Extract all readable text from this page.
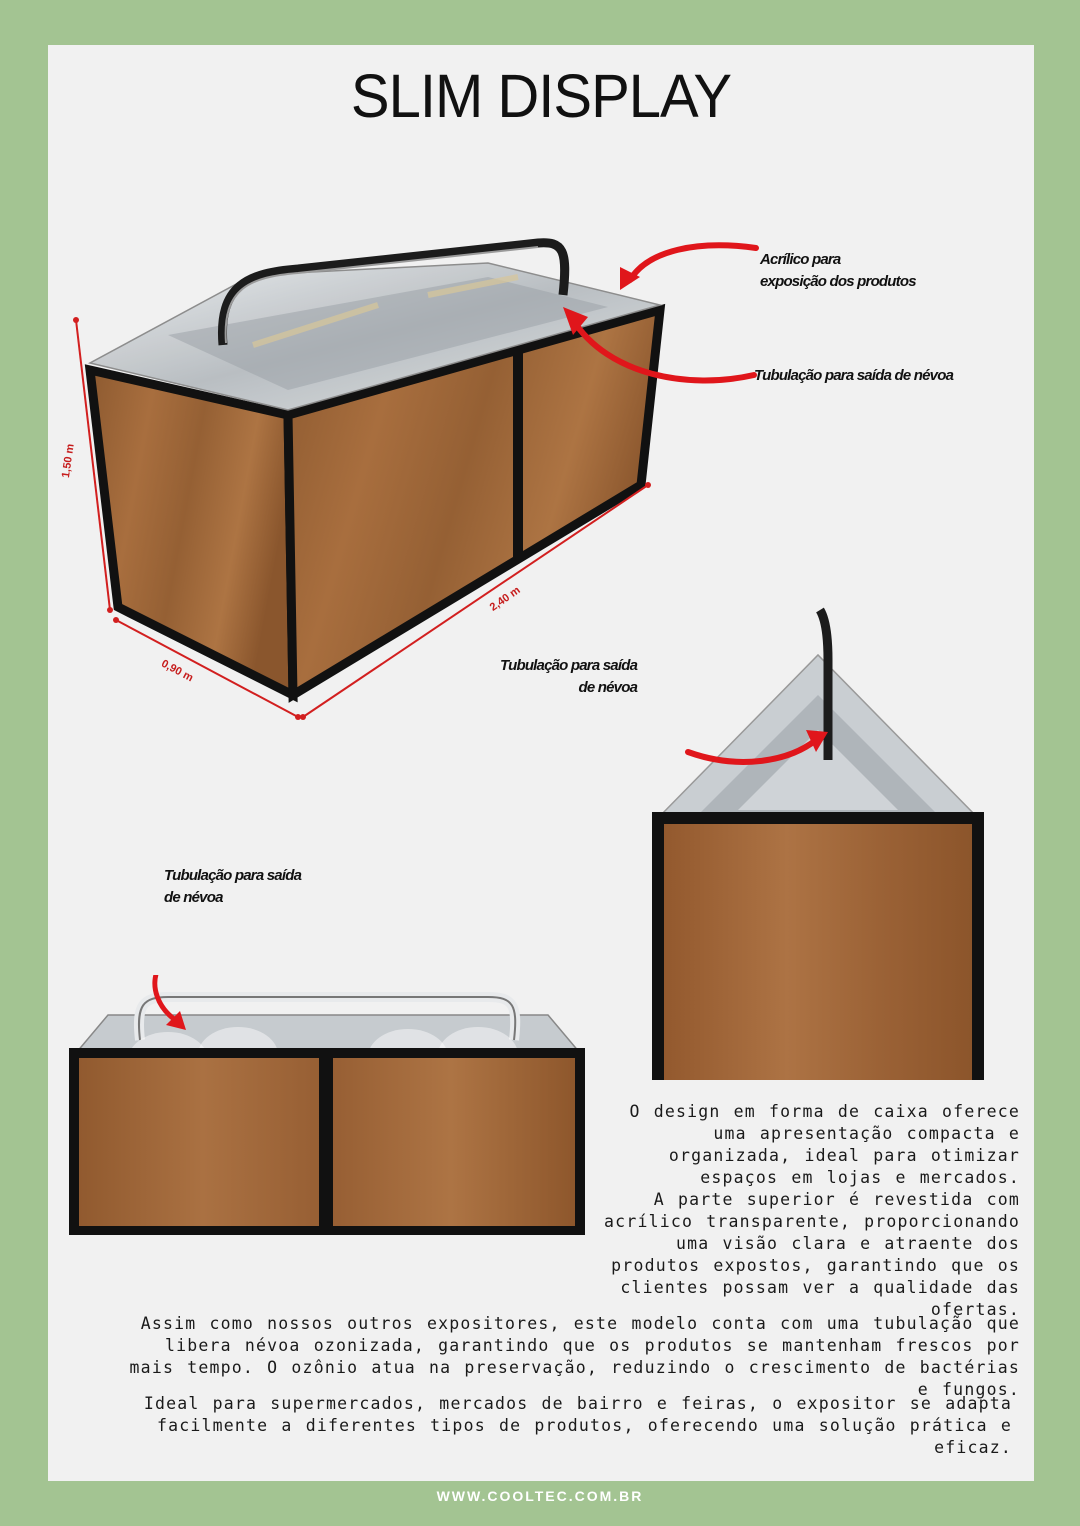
SLIM DISPLAY
1,50 m
2,40 m
0,90 m
Acrílico para
exposição dos produtos
Tubulação para saída de névoa
Tubulação para saída
de névoa
Tubulação para saída
de névoa
O design em forma de caixa oferece uma apresentação compacta e organizada, ideal para otimizar espaços em lojas e mercados.
A parte superior é revestida com acrílico transparente, proporcionando uma visão clara e atraente dos produtos expostos, garantindo que os clientes possam ver a qualidade das ofertas.
Assim como nossos outros expositores, este modelo conta com uma tubulação que libera névoa ozonizada, garantindo que os produtos se mantenham frescos por mais tempo. O ozônio atua na preservação, reduzindo o crescimento de bactérias e fungos.
Ideal para supermercados, mercados de bairro e feiras, o expositor se adapta facilmente a diferentes tipos de produtos, oferecendo uma solução prática e eficaz.
WWW.COOLTEC.COM.BR
